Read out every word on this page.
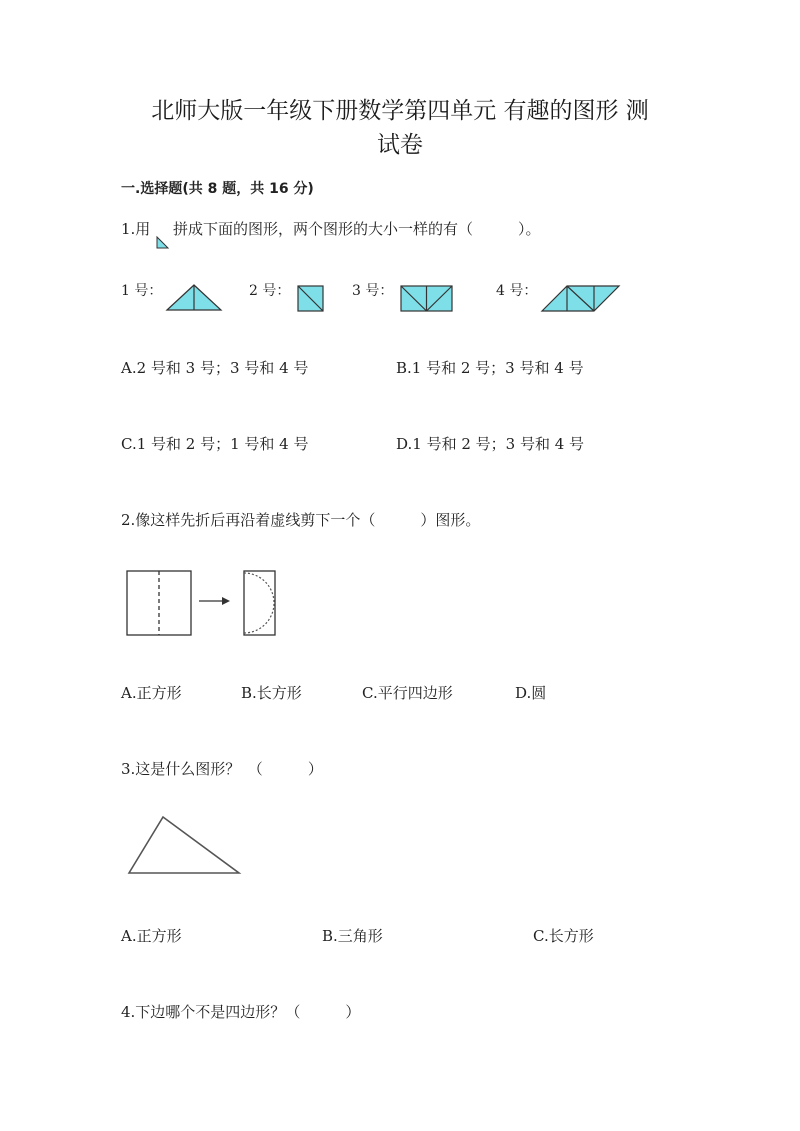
北师大版一年级下册数学第四单元 有趣的图形 测
试卷
一.选择题(共 8 题，共 16 分)
1.用 拼成下面的图形，两个图形的大小一样的有（　　　）。
1 号：	2 号：	3 号：	4 号：
A.2 号和 3 号；3 号和 4 号	B.1 号和 2 号；3 号和 4 号
C.1 号和 2 号；1 号和 4 号	D.1 号和 2 号；3 号和 4 号
2.像这样先折后再沿着虚线剪下一个（　　　）图形。
A.正方形	B.长方形	C.平行四边形	D.圆
3.这是什么图形？　（　　　）
A.正方形	B.三角形	C.长方形
4.下边哪个不是四边形？（　　　）
